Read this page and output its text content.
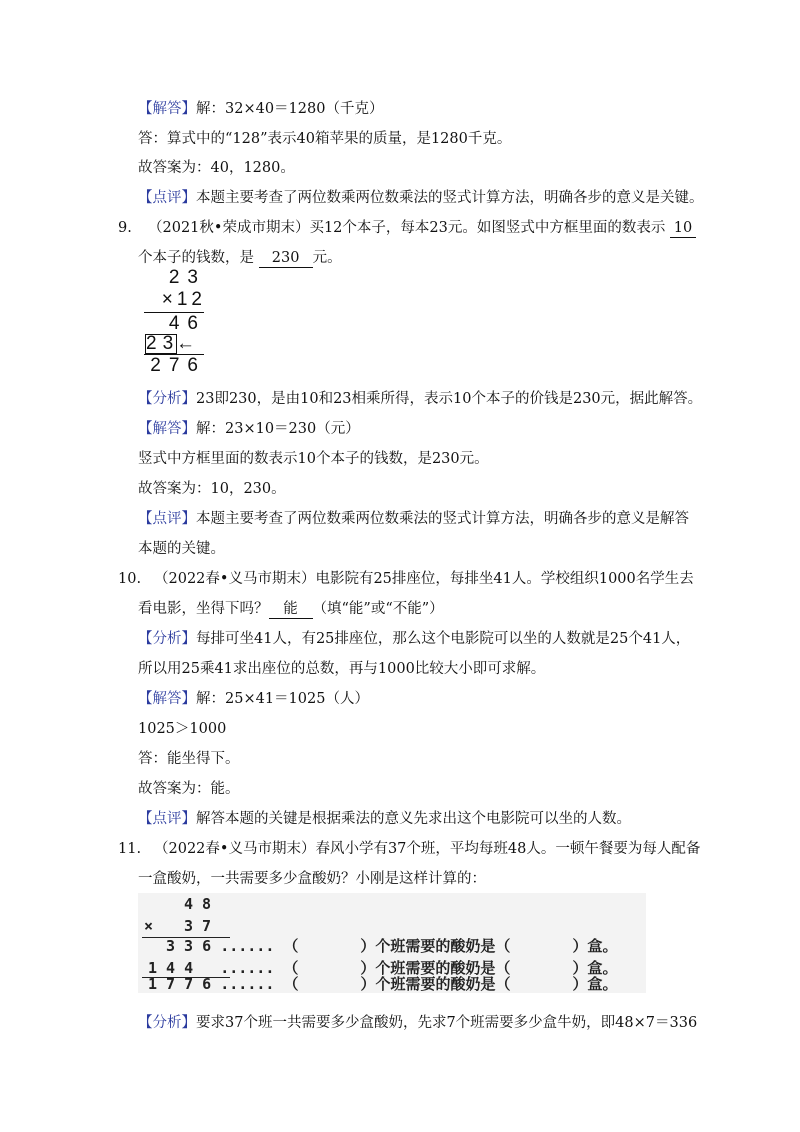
【解答】解：32×40＝1280（千克）
答：算式中的“128”表示40箱苹果的质量，是1280千克。
故答案为：40，1280。
【点评】本题主要考查了两位数乘两位数乘法的竖式计算方法，明确各步的意义是关键。
9. （2021秋•荣成市期末）买12个本子，每本23元。如图竖式中方框里面的数表示 10
个本子的钱数，是 230 元。
23
×12
46
23
←
276
【分析】23即230，是由10和23相乘所得，表示10个本子的价钱是230元，据此解答。
【解答】解：23×10＝230（元）
竖式中方框里面的数表示10个本子的钱数，是230元。
故答案为：10，230。
【点评】本题主要考查了两位数乘两位数乘法的竖式计算方法，明确各步的意义是解答
本题的关键。
10. （2022春•义马市期末）电影院有25排座位，每排坐41人。学校组织1000名学生去
看电影，坐得下吗？ 能 （填“能”或“不能”）
【分析】每排可坐41人，有25排座位，那么这个电影院可以坐的人数就是25个41人，
所以用25乘41求出座位的总数，再与1000比较大小即可求解。
【解答】解：25×41＝1025（人）
1025＞1000
答：能坐得下。
故答案为：能。
【点评】解答本题的关键是根据乘法的意义先求出这个电影院可以坐的人数。
11. （2022春•义马市期末）春风小学有37个班，平均每班48人。一顿午餐要为每人配备
一盒酸奶，一共需要多少盒酸奶？小刚是这样计算的：
4 8
× 3 7
3 3 6 ...... （	）个班需要的酸奶是（	）盒。
1 4 4 ...... （	）个班需要的酸奶是（	）盒。
1 7 7 6 ...... （	）个班需要的酸奶是（	）盒。
【分析】要求37个班一共需要多少盒酸奶，先求7个班需要多少盒牛奶，即48×7＝336
